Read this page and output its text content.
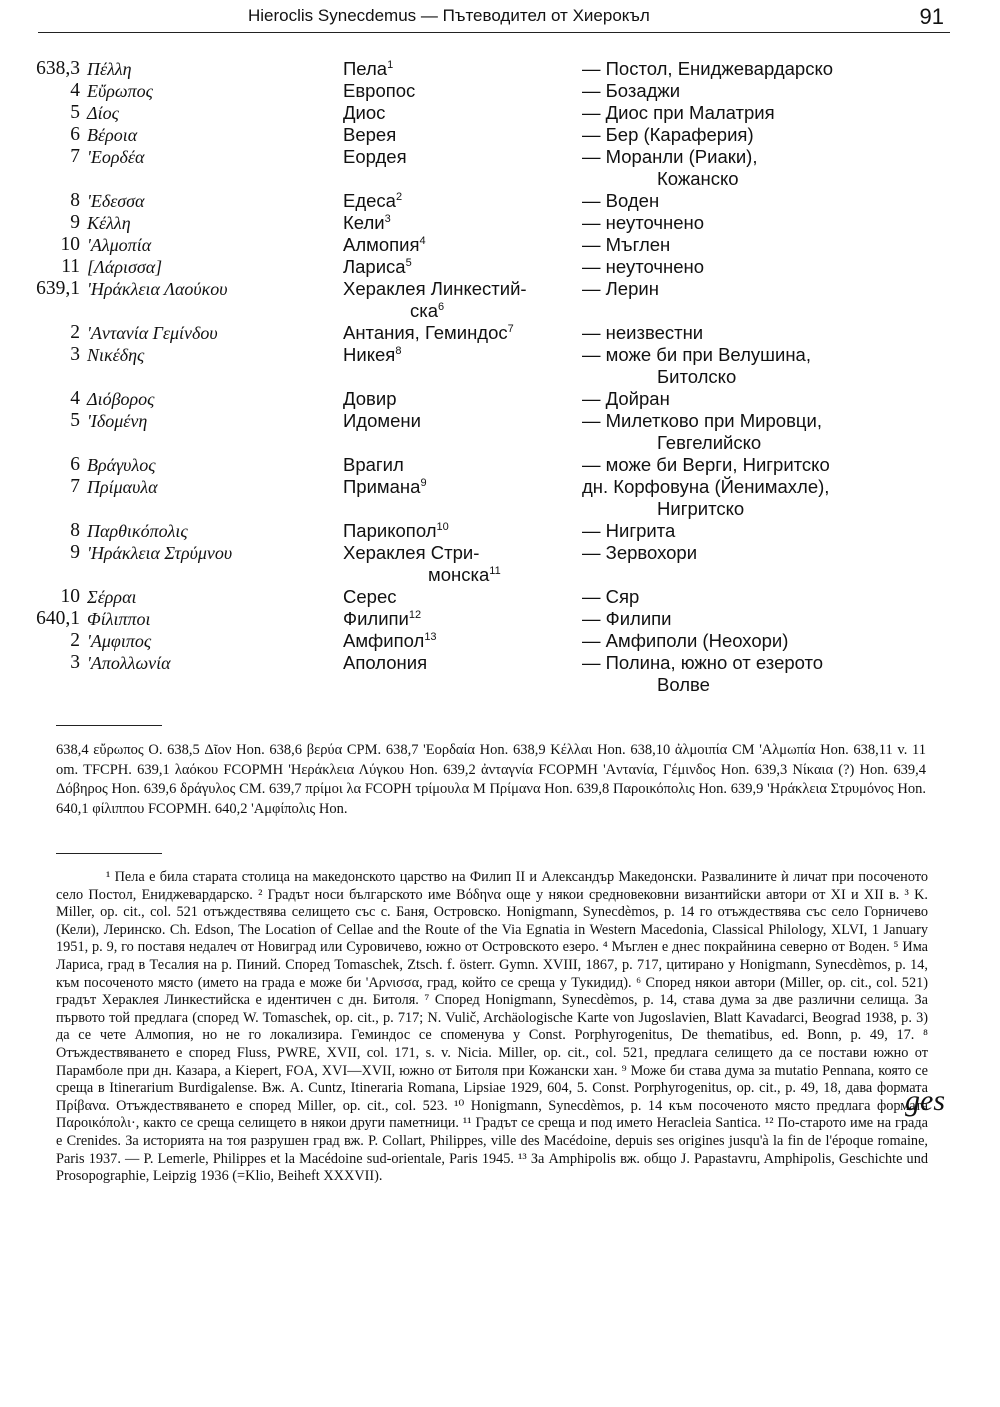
Hierоclis Synecdemus — Пътеводител от Хиерокъл	91
638,3 Πέλλη	Пела$^1$	— Постол, Eниджевардарско
4 Εὔρωπος	Европос	— Бозаджи
5 Δίος	Диос	— Диос при Малатрия
6 Βέροια	Верея	— Бер (Караферия)
7 'Eορδέα	Еордея	— Моранли (Риаки),
Кожанско
8 'Eδεσσα	Едеса$^2$	— Воден
9 Κέλλη	Кели$^3$	— неуточнено
10 'Aλμοπία	Алмопия$^4$	— Мъглен
11 [Λάρισσα]	Лариса$^5$	— неуточнено
639,1 'Hράκλεια Λαούκου	Херaклея Линкестий-	— Лерин
ска$^6$
2 'Aντανία Γεμίνδου	Антания, Геминдос$^7$	— неизвестни
3 Nικέδης	Никея$^8$	— може би при Велушина,
Битолско
4 Διόβορος	Довир	— Дойран
5 'Iδομένη	Идомени	— Милетково при Мировци,
Гевгелийско
6 Bράγυλος	Врагил	— може би Верги, Нигритско
7 Πρίμαυλα	Примана$^9$	дн. Корфовуна (Йенимахле),
Нигритско
8 Παρθικόπολις	Парикопол$^{10}$	— Нигрита
9 'Hράκλεια Στρύμνου	Хераклея Стри-	— Зервохори
монска$^{11}$
10 Σέρραι	Серес	— Сяр
640,1 Φίλιπποι	Филипи$^{12}$	— Филипи
2 'Aμφιπος	Амфипол$^{13}$	— Амфиполи (Неохори)
3 'Aπολλωνία	Аполония	— Полина, южно от езерото
Волве
638,4 εὔρωπος O. 638,5 Δῖον Hon. 638,6 βερύα CPM. 638,7 'Eορδαία Hon. 638,9 Κέλλαι Hon. 638,10 ἀλμοιπία CM 'Aλμωπία Hon. 638,11 v. 11 om. TFCPH. 639,1 λαόκου FCOPMH 'Hεράκλεια Λύγκου Hon. 639,2 ἀνταγνία FCOPMH 'Aντανία, Γέμινδος Hon. 639,3 Νίκαια (?) Hon. 639,4 Δόβηρος Hon. 639,6 δράγυλος CM. 639,7 πρίμοι λα FCOPH τρίμουλα M Πρίμανα Hon. 639,8 Παροικόπολις Hon. 639,9 'Hράκλεια Στρυμόνος Hon. 640,1 φίλιππου FCOPMH. 640,2 'Aμφίπολις Hon.

¹ Пела е била старата столица на македонското царство на Филип II и Александър Македонски. Развалините ѝ личат при посоченото село Постол, Ениджевардарско. ² Градът носи българското име Βόδηνα още у някои средновековни византийски автори от XI и XII в. ³ K. Miller, op. cit., col. 521 отъждествява селището със с. Баня, Островско. Honigmann, Synecdèmos, p. 14 го отъждествява със село Горничево (Кели), Леринско. Ch. Edson, The Location of Cellae and the Route of the Via Egnatia in Western Macedonia, Classical Philology, XLVI, 1 January 1951, p. 9, го поставя недалеч от Новиград или Суровичево, южно от Островското езеро. ⁴ Мъглен е днес покрайнина северно от Воден. ⁵ Има Лариса, град в Тесалия на р. Пиний. Според Tomaschek, Ztsch. f. österr. Gymn. XVIII, 1867, p. 717, цитирано у Honigmann, Synecdèmos, p. 14, към посоченото място (името на града е може би 'Aρνισσα, град, който се среща у Тукидид). ⁶ Според някои автори (Miller, op. cit., col. 521) градът Хераклея Линкестийска е идентичен с дн. Битоля. ⁷ Според Honigmann, Synecdèmos, p. 14, става дума за две различни селища. За първото той предлага (според W. Tomaschek, op. cit., p. 717; N. Vulič, Archäologische Karte von Jugoslavien, Blatt Kavadarci, Beograd 1938, p. 3) да се чете Алмопия, но не го локализира. Геминдос се споменува у Const. Porphyrogenitus, De thematibus, ed. Bonn, p. 49, 17. ⁸ Отъждествяването е според Fluss, PWRE, XVII, col. 171, s. v. Nicia. Miller, op. cit., col. 521, предлага селището да се постави южно от Парамболе при дн. Казара, а Kiepert, FOA, XVI—XVII, южно от Битоля при Кожански хан. ⁹ Може би става дума за mutatio Pennana, която се среща в Itinerarium Burdigalense. Вж. A. Cuntz, Itineraria Romana, Lipsiae 1929, 604, 5. Const. Porphyrogenitus, op. cit., p. 49, 18, дава формата Πρίβανα. Отъждествяването е според Miller, op. cit., col. 523. ¹⁰ Honigmann, Synecdèmos, p. 14 към посоченото място предлага формата Παροικόπολι·, както се среща селището в някои други паметници. ¹¹ Градът се среща и под името Heracleia Santica. ¹² По-старото име на града е Crenides. За историята на тоя разрушен град вж. P. Collart, Philippes, ville des Macédoine, depuis ses origines jusqu'à la fin de l'époque romaine, Paris 1937. — P. Lemerle, Philippes et la Macédoine sud-orientale, Paris 1945. ¹³ За Amphipolis вж. общо J. Papastavru, Amphipolis, Geschichte und Prosopographie, Leipzig 1936 (=Klio, Beiheft XXXVII).

ges
